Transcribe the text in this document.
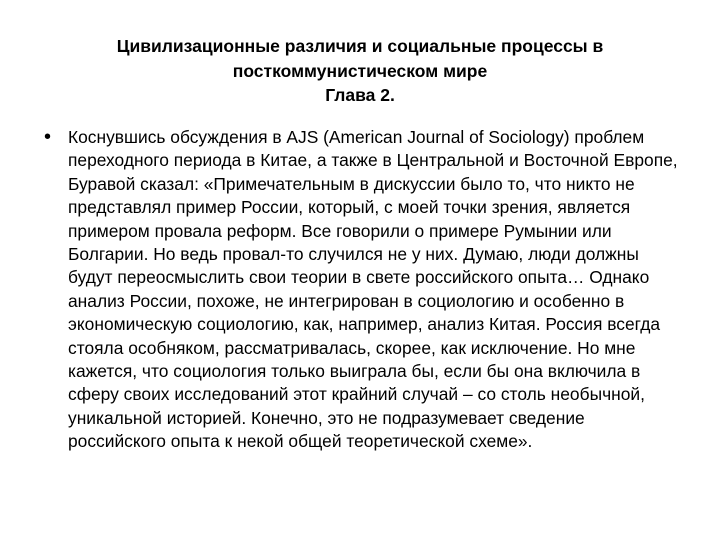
Цивилизационные различия и социальные процессы в
посткоммунистическом мире
Глава 2.
• Коснувшись обсуждения в AJS (American Journal of Sociology) проблем переходного периода в Китае, а также в Центральной и Восточной Европе, Буравой сказал: «Примечательным в дискуссии было то, что никто не представлял пример России, который, с моей точки зрения, является примером провала реформ. Все говорили о примере Румынии или Болгарии. Но ведь провал-то случился не у них. Думаю, люди должны будут переосмыслить свои теории в свете российского опыта… Однако анализ России, похоже, не интегрирован в социологию и особенно в экономическую социологию, как, например, анализ Китая. Россия всегда стояла особняком, рассматривалась, скорее, как исключение. Но мне кажется, что социология только выиграла бы, если бы она включила в сферу своих исследований этот крайний случай – со столь необычной, уникальной историей. Конечно, это не подразумевает сведение российского опыта к некой общей теоретической схеме».
